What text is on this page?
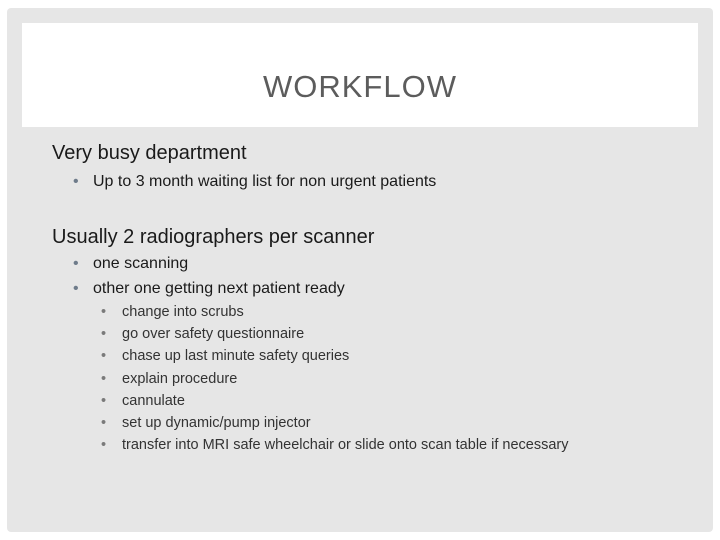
WORKFLOW

Very busy department

• Up to 3 month waiting list for non urgent patients

Usually 2 radiographers per scanner

• one scanning

• other one getting next patient ready

• change into scrubs

• go over safety questionnaire

• chase up last minute safety queries

• explain procedure

• cannulate

• set up dynamic/pump injector

• transfer into MRI safe wheelchair or slide onto scan table if necessary
